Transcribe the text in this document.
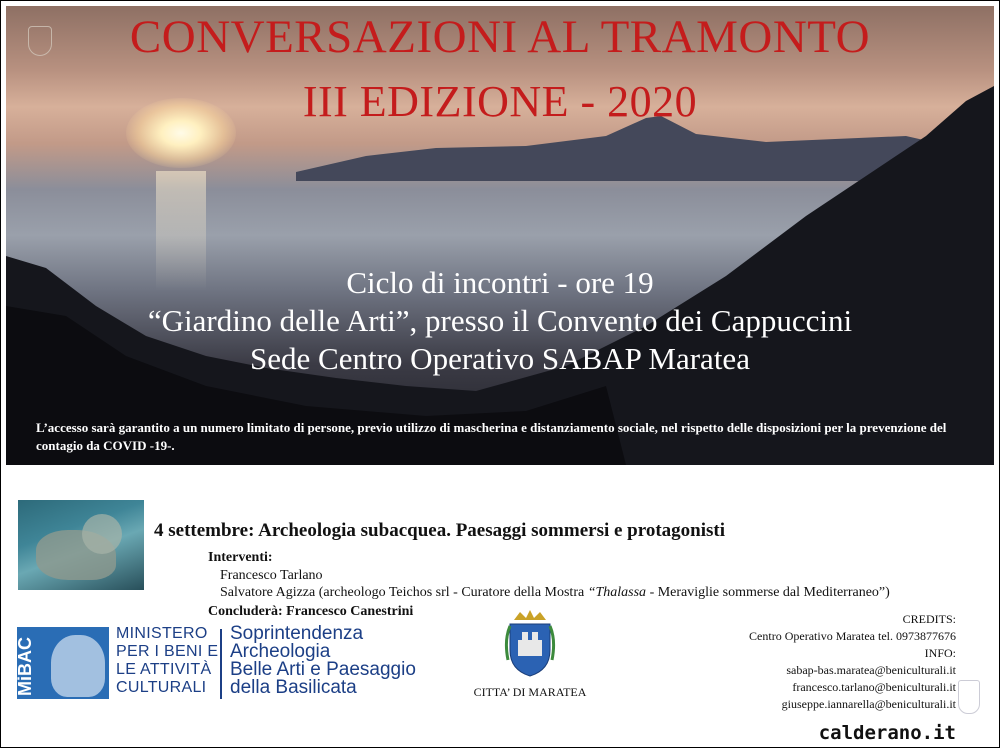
CONVERSAZIONI AL TRAMONTO
III EDIZIONE - 2020
Ciclo di incontri - ore 19
“Giardino delle Arti”, presso il Convento dei Cappuccini
Sede Centro Operativo SABAP Maratea
L’accesso sarà garantito a un numero limitato di persone, previo utilizzo di mascherina e distanziamento sociale, nel rispetto delle disposizioni per la prevenzione del contagio da COVID -19-.
4 settembre: Archeologia subacquea. Paesaggi sommersi e protagonisti
Interventi:
Francesco Tarlano
Salvatore Agizza (archeologo Teichos srl - Curatore della Mostra “Thalassa - Meraviglie sommerse dal Mediterraneo”)
Concluderà: Francesco Canestrini
MiBAC
MINISTERO
PER I BENI E
LE ATTIVITÀ
CULTURALI
Soprintendenza
Archeologia
Belle Arti e Paesaggio
della Basilicata	CITTA’ DI MARATEA
CREDITS:
Centro Operativo Maratea tel. 0973877676
INFO:
sabap-bas.maratea@beniculturali.it
francesco.tarlano@beniculturali.it
giuseppe.iannarella@beniculturali.it
calderano.it
